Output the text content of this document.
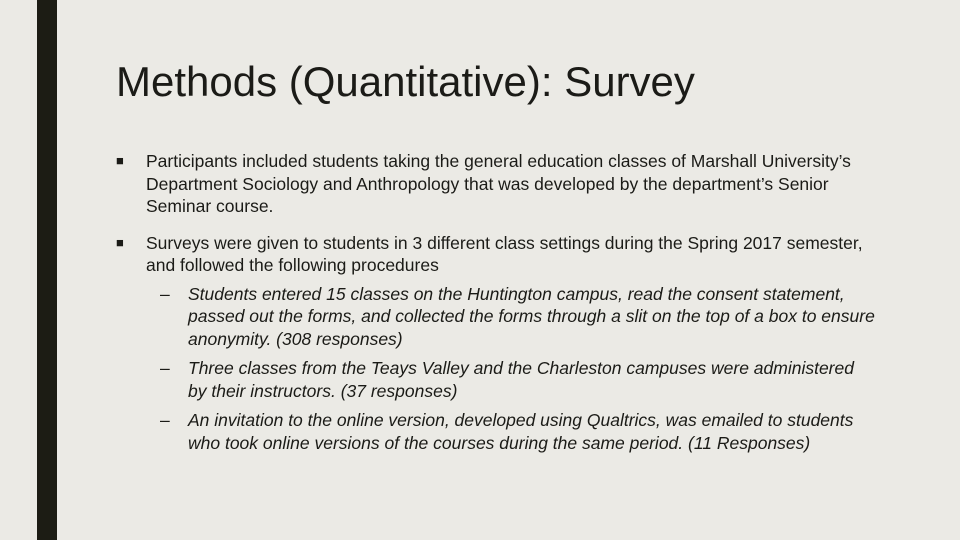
Methods (Quantitative): Survey

■ Participants included students taking the general education classes of Marshall University’s Department Sociology and Anthropology that was developed by the department’s Senior Seminar course.

■ Surveys were given to students in 3 different class settings during the Spring 2017 semester, and followed the following procedures

– Students entered 15 classes on the Huntington campus, read the consent statement, passed out the forms, and collected the forms through a slit on the top of a box to ensure anonymity. (308 responses)

– Three classes from the Teays Valley and the Charleston campuses were administered by their instructors. (37 responses)

– An invitation to the online version, developed using Qualtrics, was emailed to students who took online versions of the courses during the same period. (11 Responses)
